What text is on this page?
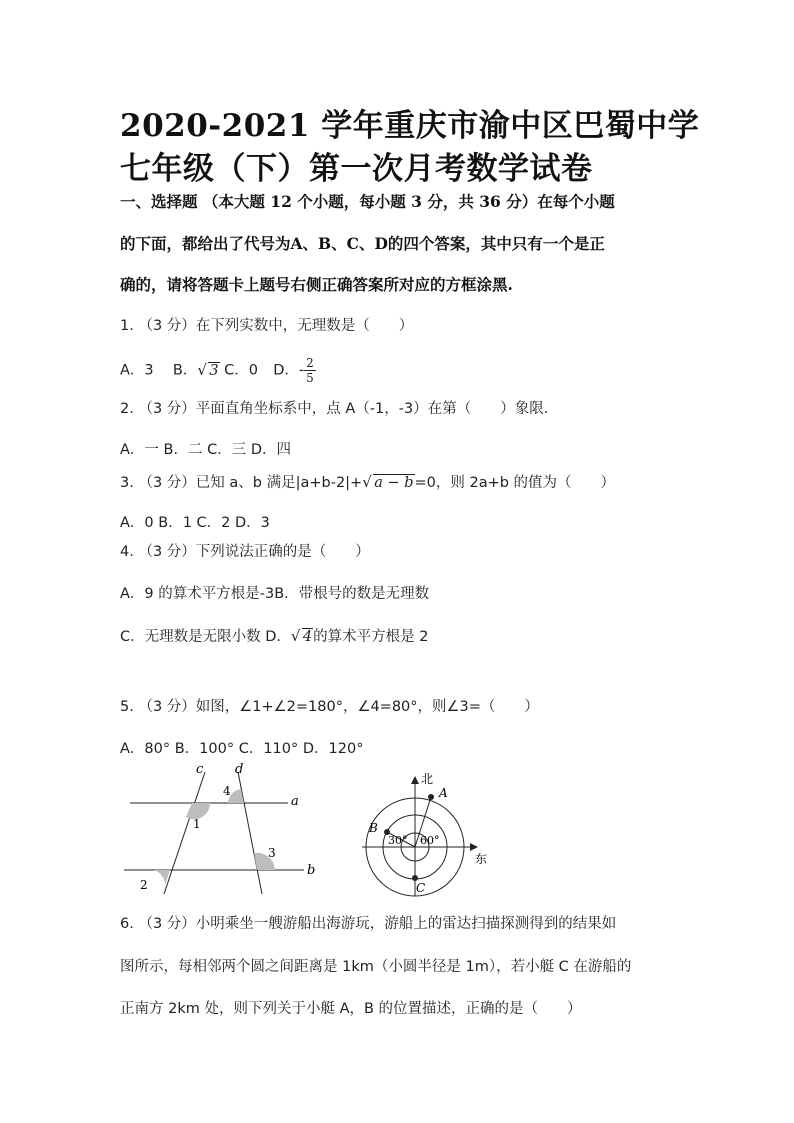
2020-2021 学年重庆市渝中区巴蜀中学
七年级（下）第一次月考数学试卷
一、选择题 （本大题 12 个小题，每小题 3 分，共 36 分）在每个小题
的下面，都给出了代号为A、B、C、D的四个答案，其中只有一个是正
确的，请将答题卡上题号右侧正确答案所对应的方框涂黑.
1. （3 分）在下列实数中，无理数是（　　）
A．3 B． √ 3 C．0 D．- $\frac{2}{5}$
2. （3 分）平面直角坐标系中，点 A（-1，-3）在第（　　）象限.
A．一 B．二 C．三 D．四
3. （3 分）已知 a、b 满足|a+b-2|+ √ a − b=0，则 2a+b 的值为（　　）
A．0 B．1 C．2 D．3
4. （3 分）下列说法正确的是（　　）
A．9 的算术平方根是-3B．带根号的数是无理数
C．无理数是无限小数 D． √ 4的算术平方根是 2
5. （3 分）如图，∠1+∠2=180°，∠4=80°，则∠3=（　　）
A．80° B．100° C．110° D．120°
c d
a
b
1
2
3
4
北
东
A
B
C
30° 60°
6. （3 分）小明乘坐一艘游船出海游玩，游船上的雷达扫描探测得到的结果如
图所示，每相邻两个圆之间距离是 1km（小圆半径是 1m），若小艇 C 在游船的
正南方 2km 处，则下列关于小艇 A，B 的位置描述，正确的是（　　）
